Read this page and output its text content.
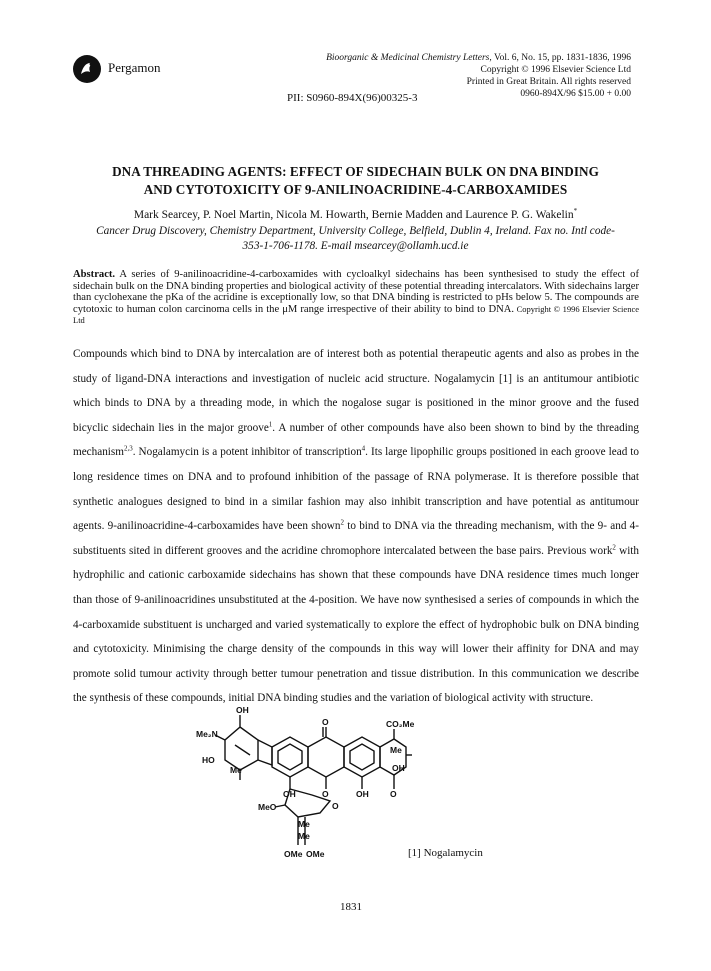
Pergamon
Bioorganic & Medicinal Chemistry Letters, Vol. 6, No. 15, pp. 1831-1836, 1996
Copyright © 1996 Elsevier Science Ltd
Printed in Great Britain. All rights reserved
0960-894X/96 $15.00 + 0.00
PII: S0960-894X(96)00325-3
DNA THREADING AGENTS: EFFECT OF SIDECHAIN BULK ON DNA BINDING
AND CYTOTOXICITY OF 9-ANILINOACRIDINE-4-CARBOXAMIDES
Mark Searcey, P. Noel Martin, Nicola M. Howarth, Bernie Madden and Laurence P. G. Wakelin*
Cancer Drug Discovery, Chemistry Department, University College, Belfield, Dublin 4, Ireland. Fax no. Intl code-353-1-706-1178. E-mail msearcey@ollamh.ucd.ie
Abstract. A series of 9-anilinoacridine-4-carboxamides with cycloalkyl sidechains has been synthesised to study the effect of sidechain bulk on the DNA binding properties and biological activity of these potential threading intercalators. With sidechains larger than cyclohexane the pKa of the acridine is exceptionally low, so that DNA binding is restricted to pHs below 5. The compounds are cytotoxic to human colon carcinoma cells in the μM range irrespective of their ability to bind to DNA. Copyright © 1996 Elsevier Science Ltd
Compounds which bind to DNA by intercalation are of interest both as potential therapeutic agents and also as probes in the study of ligand-DNA interactions and investigation of nucleic acid structure. Nogalamycin [1] is an antitumour antibiotic which binds to DNA by a threading mode, in which the nogalose sugar is positioned in the minor groove and the fused bicyclic sidechain lies in the major groove$^1$. A number of other compounds have also been shown to bind by the threading mechanism$^{2,3}$. Nogalamycin is a potent inhibitor of transcription$^4$. Its large lipophilic groups positioned in each groove lead to long residence times on DNA and to profound inhibition of the passage of RNA polymerase. It is therefore possible that synthetic analogues designed to bind in a similar fashion may also inhibit transcription and have potential as antitumour agents. 9-anilinoacridine-4-carboxamides have been shown$^2$ to bind to DNA via the threading mechanism, with the 9- and 4-substituents sited in different grooves and the acridine chromophore intercalated between the base pairs. Previous work$^2$ with hydrophilic and cationic carboxamide sidechains has shown that these compounds have DNA residence times much longer than those of 9-anilinoacridines unsubstituted at the 4-position. We have now synthesised a series of compounds in which the 4-carboxamide substituent is uncharged and varied systematically to explore the effect of hydrophobic bulk on DNA binding and cytotoxicity. Minimising the charge density of the compounds in this way will lower their affinity for DNA and may promote solid tumour activity through better tumour penetration and tissue distribution. In this communication we describe the synthesis of these compounds, initial DNA binding studies and the variation of biological activity with structure.
OH
Me₂N
HO
Me
O	CO₂Me
Me
OH
OH	O	OH	O
MeO	O
Me
Me
OMe OMe	[1] Nogalamycin
1831
